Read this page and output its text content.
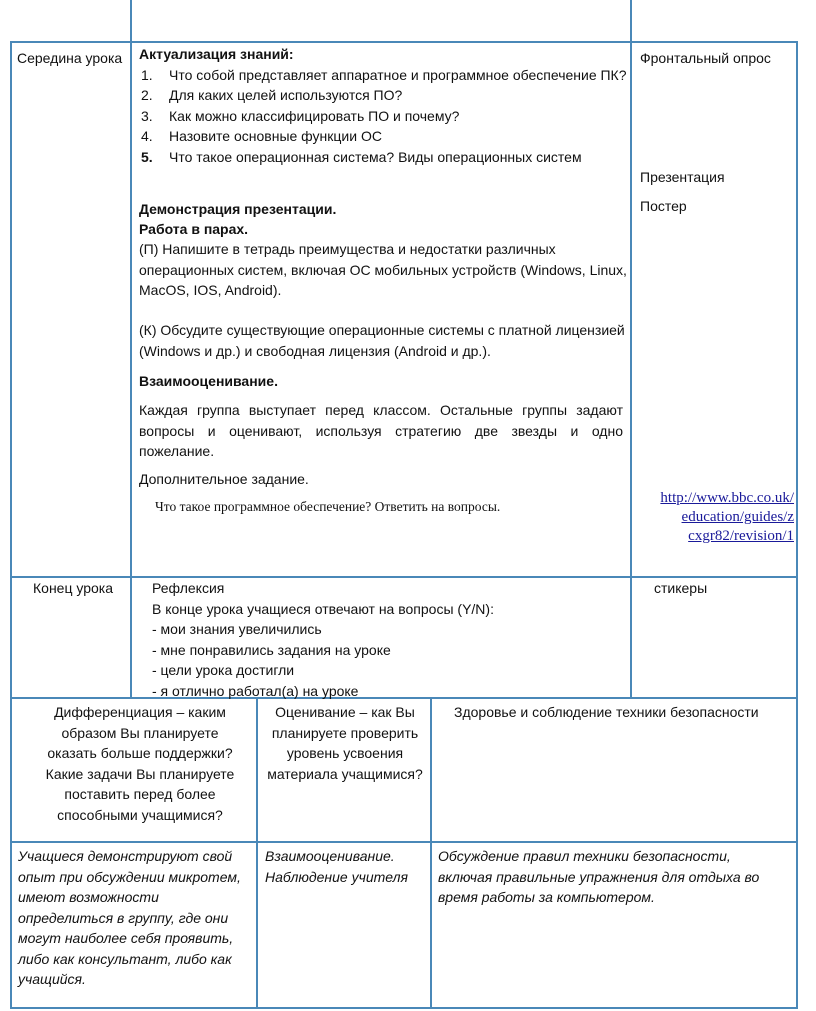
Середина урока	Актуализация знаний:
1. Что собой представляет аппаратное и программное обеспечение ПК?
2. Для каких целей используются ПО?
3. Как можно классифицировать ПО и почему?
4. Назовите основные функции ОС
5. Что такое операционная система? Виды операционных систем
Демонстрация презентации.
Работа в парах.
(П) Напишите в тетрадь преимущества и недостатки различных операционных систем, включая ОС мобильных устройств (Windows, Linux, MacOS, IOS, Android).
(К) Обсудите существующие операционные системы с платной лицензией (Windows и др.) и свободная лицензия (Android и др.).
Взаимооценивание.
Каждая группа выступает перед классом. Остальные группы задают вопросы и оценивают, используя стратегию две звезды и одно пожелание.
Дополнительное задание.
Что такое программное обеспечение? Ответить на вопросы.
Фронтальный опрос
Презентация
Постер
http://www.bbc.co.uk/
education/guides/z
cxgr82/revision/1
Конец урока	Рефлексия
В конце урока учащиеся отвечают на вопросы (Y/N):
- мои знания увеличились
- мне понравились задания на уроке
- цели урока достигли
- я отлично работал(а) на уроке
стикеры
Дифференциация – каким образом Вы планируете оказать больше поддержки? Какие задачи Вы планируете поставить перед более способными учащимися?
Оценивание – как Вы планируете проверить уровень усвоения материала учащимися?
Здоровье и соблюдение техники безопасности
Учащиеся демонстрируют свой опыт при обсуждении микротем, имеют возможности определиться в группу, где они могут наиболее себя проявить, либо как консультант, либо как учащийся.
Взаимооценивание. Наблюдение учителя
Обсуждение правил техники безопасности, включая правильные упражнения для отдыха во время работы за компьютером.
